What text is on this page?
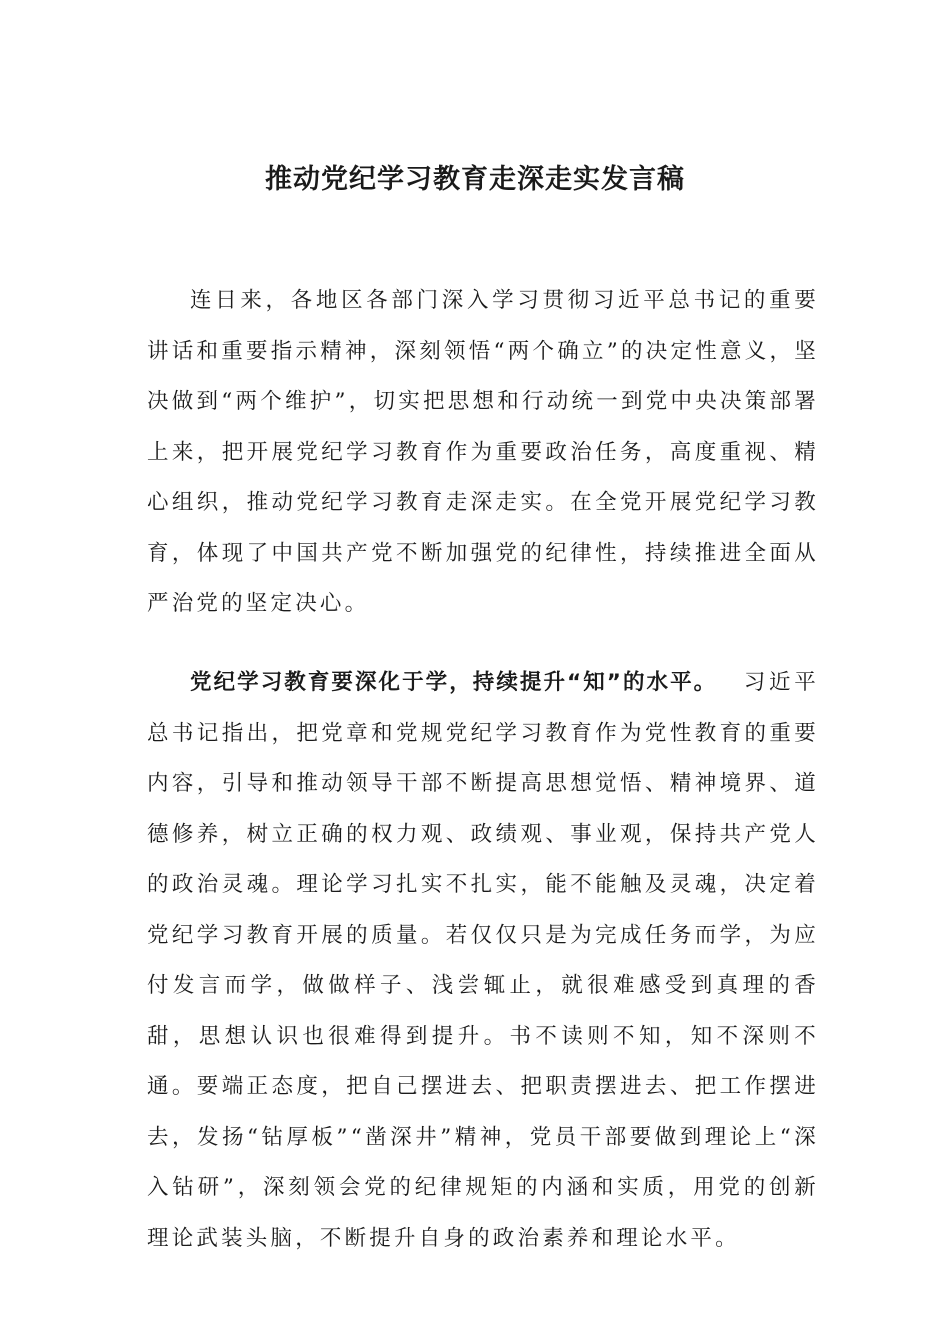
推动党纪学习教育走深走实发言稿

连日来，各地区各部门深入学习贯彻习近平总书记的重要讲话和重要指示精神，深刻领悟“两个确立”的决定性意义，坚决做到“两个维护”，切实把思想和行动统一到党中央决策部署上来，把开展党纪学习教育作为重要政治任务，高度重视、精心组织，推动党纪学习教育走深走实。在全党开展党纪学习教育，体现了中国共产党不断加强党的纪律性，持续推进全面从严治党的坚定决心。

党纪学习教育要深化于学，持续提升“知”的水平。 习近平总书记指出，把党章和党规党纪学习教育作为党性教育的重要内容，引导和推动领导干部不断提高思想觉悟、精神境界、道德修养，树立正确的权力观、政绩观、事业观，保持共产党人的政治灵魂。理论学习扎实不扎实，能不能触及灵魂，决定着党纪学习教育开展的质量。若仅仅只是为完成任务而学，为应付发言而学，做做样子、浅尝辄止，就很难感受到真理的香甜，思想认识也很难得到提升。书不读则不知，知不深则不通。要端正态度，把自己摆进去、把职责摆进去、把工作摆进去，发扬“钻厚板”“凿深井”精神，党员干部要做到理论上“深入钻研”，深刻领会党的纪律规矩的内涵和实质，用党的创新理论武装头脑，不断提升自身的政治素养和理论水平。
